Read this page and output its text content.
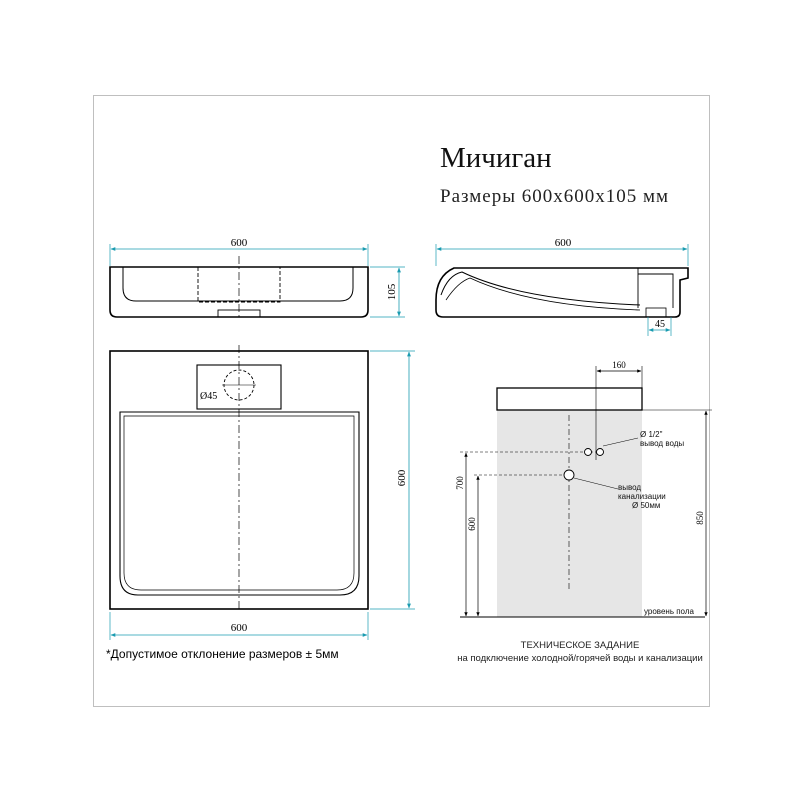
Мичиган
Размеры 600х600х105 мм
600
105
600
45
Ø45
600
600
уровень пола
160
Ø 1/2"
вывод воды
вывод
канализации
Ø 50мм
700
600	850
*Допустимое отклонение размеров ± 5мм
ТЕХНИЧЕСКОЕ ЗАДАНИЕ
на подключение холодной/горячей воды и канализации
